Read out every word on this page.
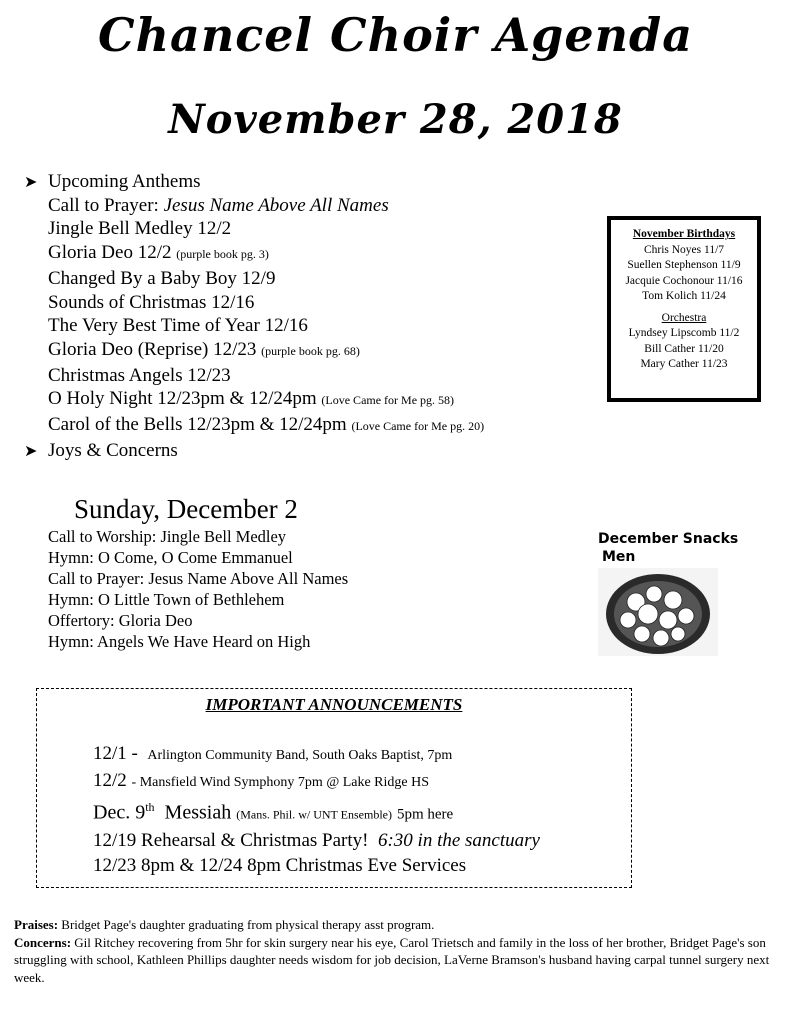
Chancel Choir Agenda
November 28, 2018
➤ Upcoming Anthems
Call to Prayer: Jesus Name Above All Names
Jingle Bell Medley 12/2
Gloria Deo 12/2 (purple book pg. 3)
Changed By a Baby Boy 12/9
Sounds of Christmas 12/16
The Very Best Time of Year 12/16
Gloria Deo (Reprise) 12/23 (purple book pg. 68)
Christmas Angels 12/23
O Holy Night 12/23pm & 12/24pm (Love Came for Me pg. 58)
Carol of the Bells 12/23pm & 12/24pm (Love Came for Me pg. 20)
➤ Joys & Concerns
November Birthdays
Chris Noyes 11/7
Suellen Stephenson 11/9
Jacquie Cochonour 11/16
Tom Kolich 11/24
Orchestra
Lyndsey Lipscomb 11/2
Bill Cather 11/20
Mary Cather 11/23
Sunday, December 2
Call to Worship: Jingle Bell Medley
Hymn: O Come, O Come Emmanuel
Call to Prayer: Jesus Name Above All Names
Hymn: O Little Town of Bethlehem
Offertory: Gloria Deo
Hymn: Angels We Have Heard on High
December Snacks
Men
IMPORTANT ANNOUNCEMENTS
12/1 - Arlington Community Band, South Oaks Baptist, 7pm
12/2 - Mansfield Wind Symphony 7pm @ Lake Ridge HS
Dec. 9th Messiah (Mans. Phil. w/ UNT Ensemble) 5pm here
12/19 Rehearsal & Christmas Party! 6:30 in the sanctuary
12/23 8pm & 12/24 8pm Christmas Eve Services
Praises: Bridget Page's daughter graduating from physical therapy asst program.
Concerns: Gil Ritchey recovering from 5hr for skin surgery near his eye, Carol Trietsch and family in the loss of her brother, Bridget Page's son struggling with school, Kathleen Phillips daughter needs wisdom for job decision, LaVerne Bramson's husband having carpal tunnel surgery next week.
